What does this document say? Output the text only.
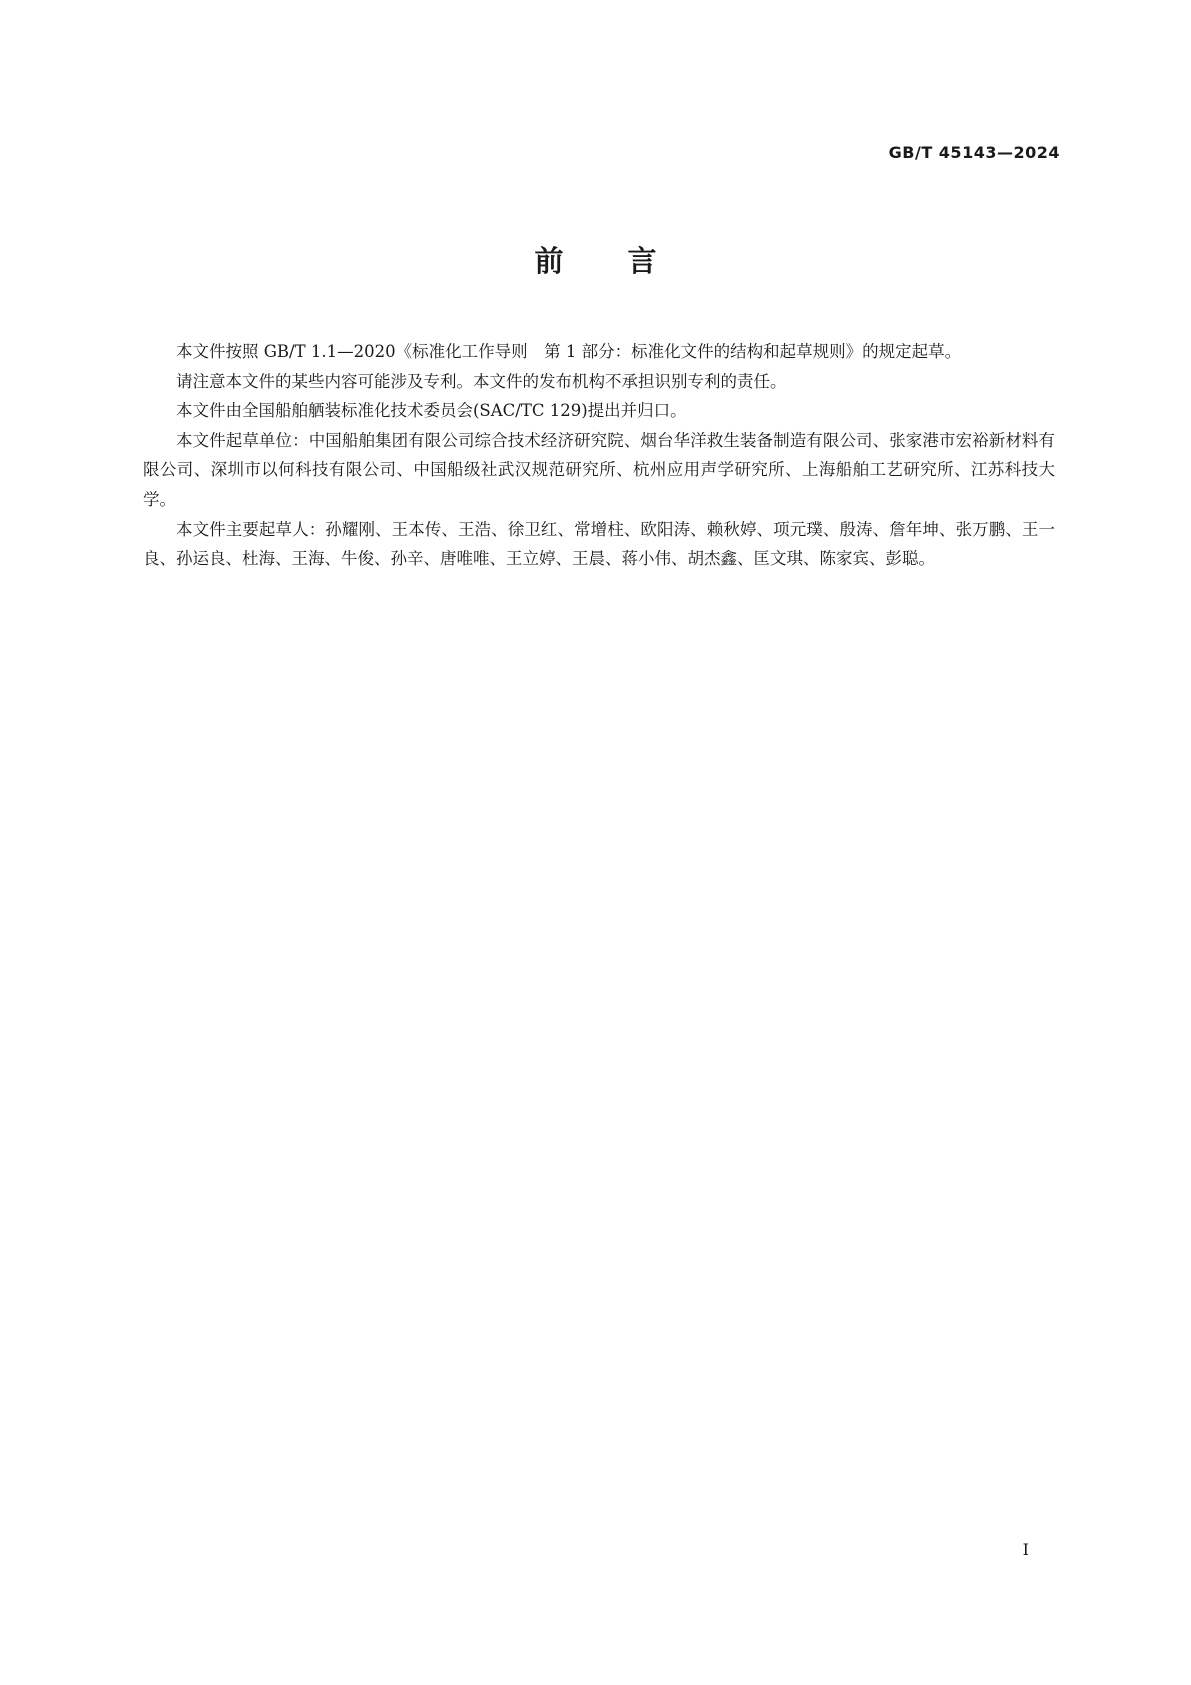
GB/T 45143—2024
前言

本文件按照 GB/T 1.1—2020《标准化工作导则　第 1 部分：标准化文件的结构和起草规则》的规定起草。

请注意本文件的某些内容可能涉及专利。本文件的发布机构不承担识别专利的责任。

本文件由全国船舶舾装标准化技术委员会(SAC/TC 129)提出并归口。

本文件起草单位：中国船舶集团有限公司综合技术经济研究院、烟台华洋救生装备制造有限公司、张家港市宏裕新材料有限公司、深圳市以何科技有限公司、中国船级社武汉规范研究所、杭州应用声学研究所、上海船舶工艺研究所、江苏科技大学。

本文件主要起草人：孙耀刚、王本传、王浩、徐卫红、常增柱、欧阳涛、赖秋婷、项元璞、殷涛、詹年坤、张万鹏、王一良、孙运良、杜海、王海、牛俊、孙辛、唐唯唯、王立婷、王晨、蒋小伟、胡杰鑫、匡文琪、陈家宾、彭聪。

I
